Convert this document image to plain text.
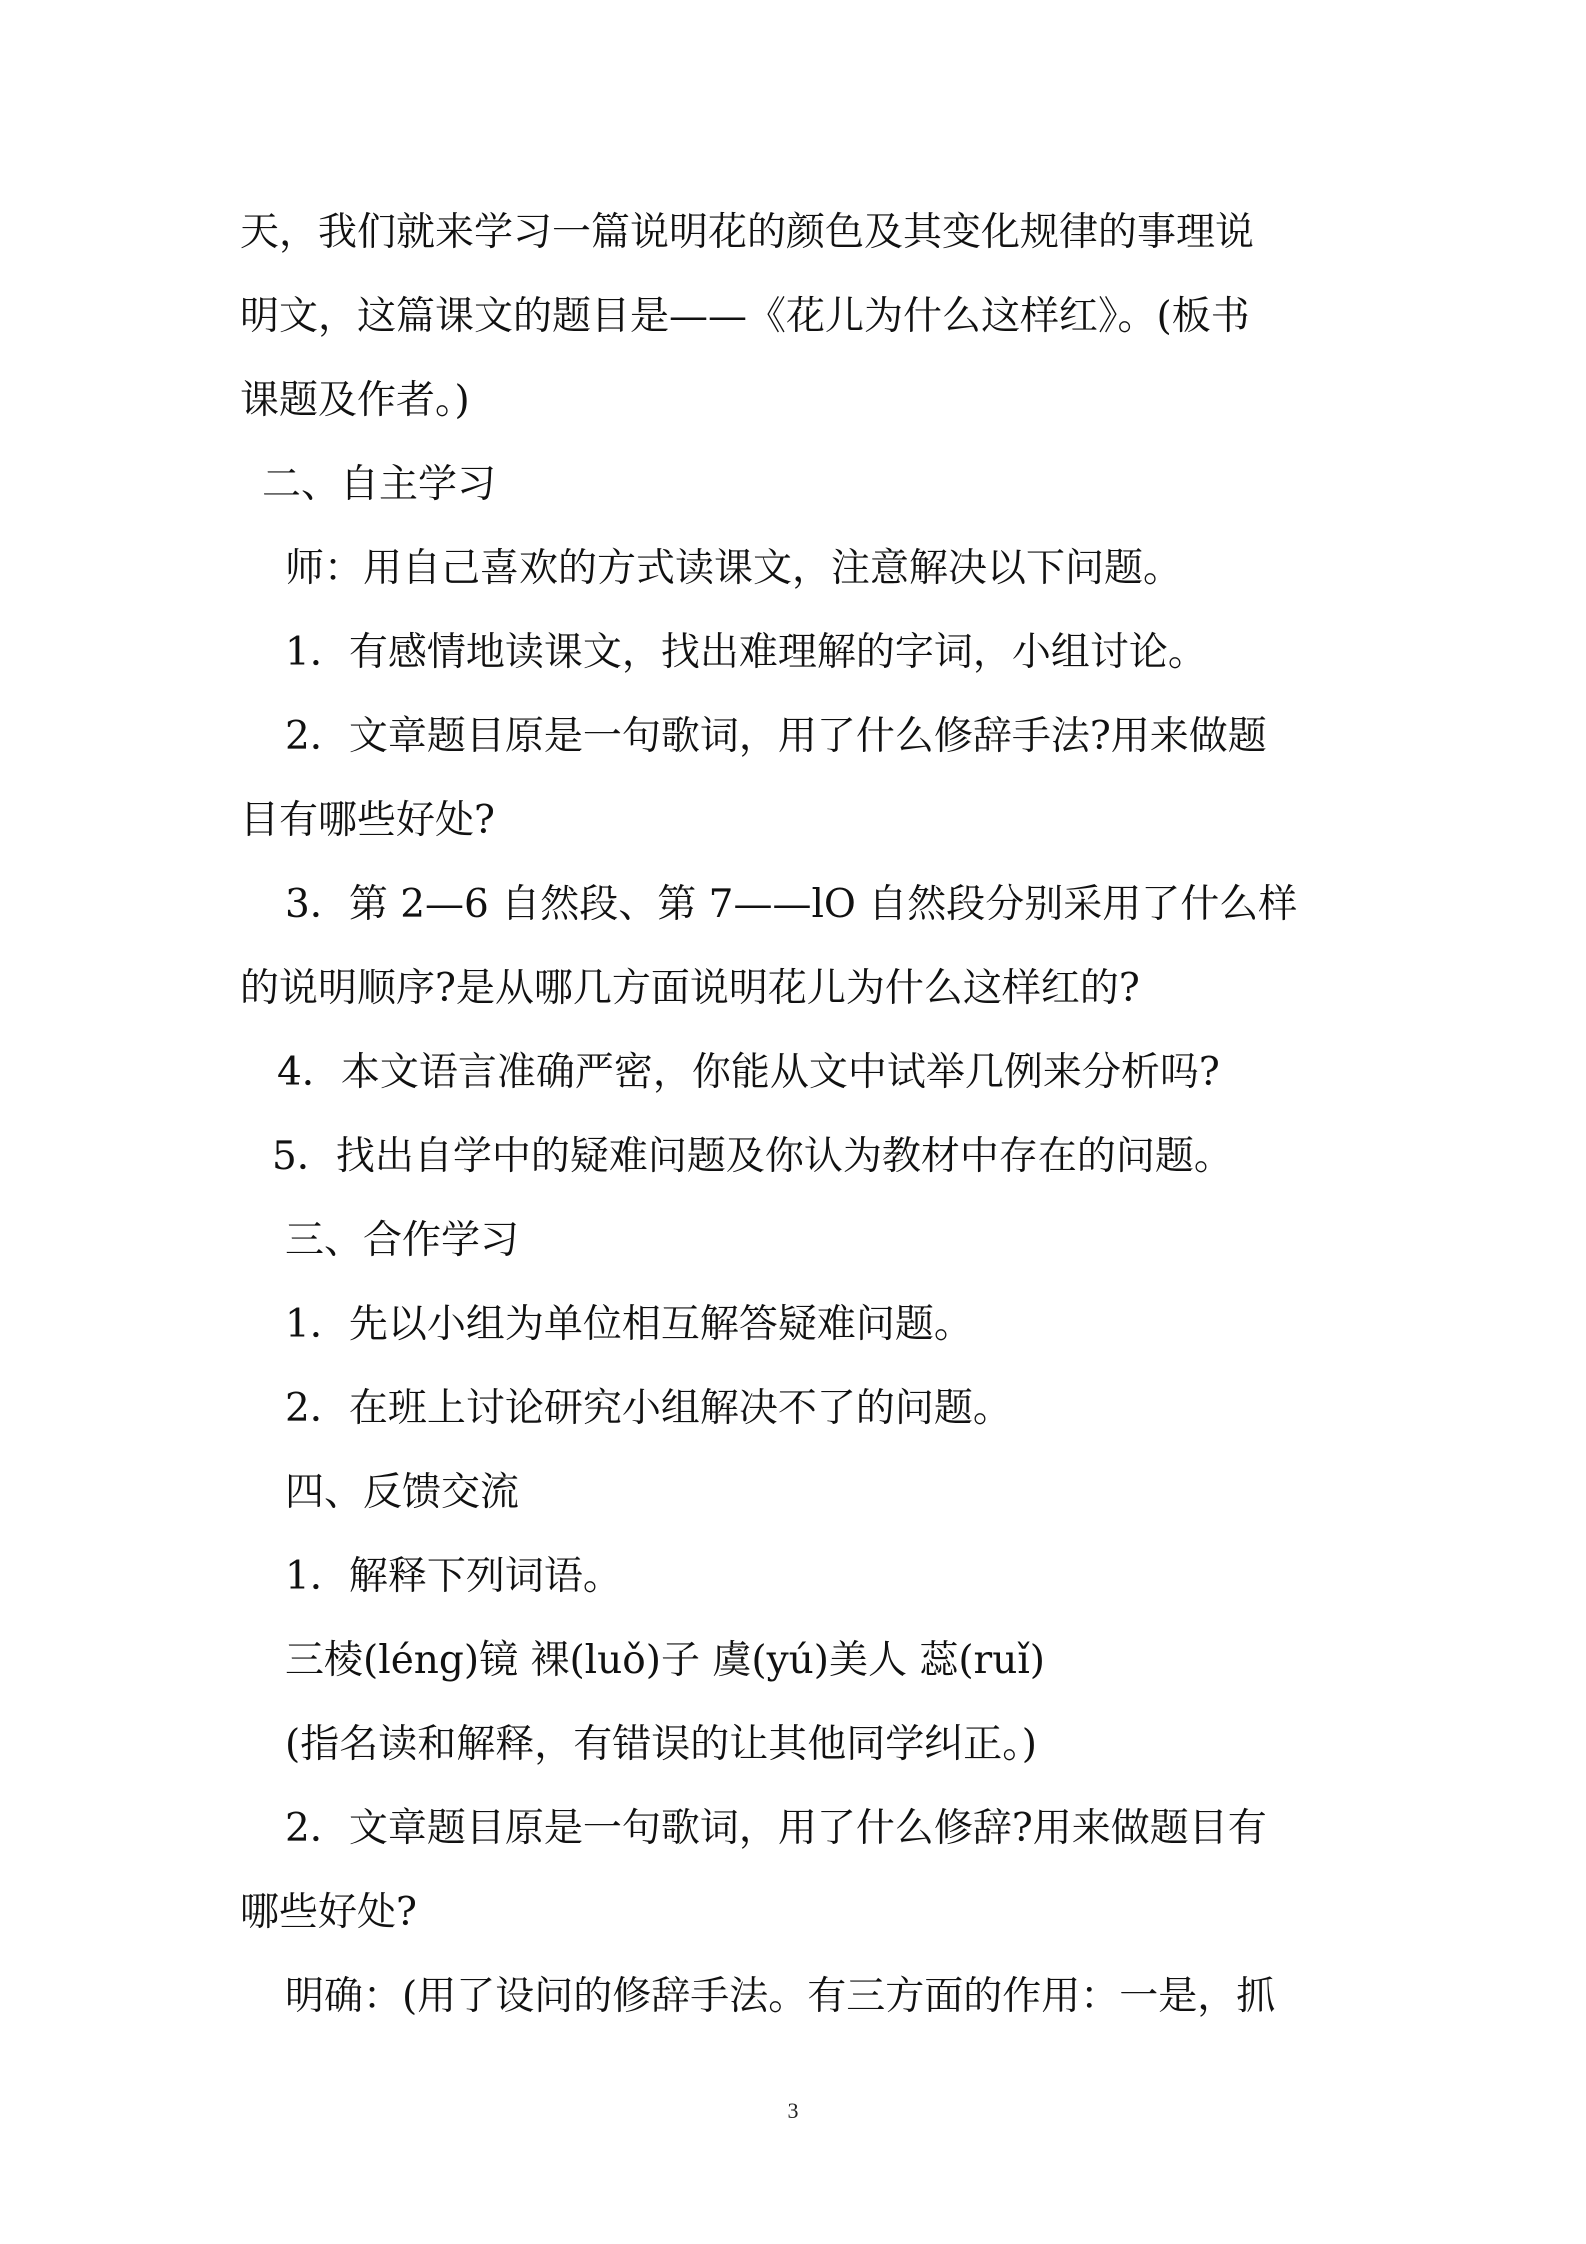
天，我们就来学习一篇说明花的颜色及其变化规律的事理说
明文，这篇课文的题目是——《花儿为什么这样红》。(板书
课题及作者。)
二、自主学习
师：用自己喜欢的方式读课文，注意解决以下问题。
1．有感情地读课文，找出难理解的字词，小组讨论。
2．文章题目原是一句歌词，用了什么修辞手法?用来做题
目有哪些好处?
3．第 2—6 自然段、第 7——lO 自然段分别采用了什么样
的说明顺序?是从哪几方面说明花儿为什么这样红的?
4．本文语言准确严密，你能从文中试举几例来分析吗?
5．找出自学中的疑难问题及你认为教材中存在的问题。
三、合作学习
1．先以小组为单位相互解答疑难问题。
2．在班上讨论研究小组解决不了的问题。
四、反馈交流
1．解释下列词语。
三棱(léng)镜 裸(luǒ)子 虞(yú)美人 蕊(ruǐ)
(指名读和解释，有错误的让其他同学纠正。)
2．文章题目原是一句歌词，用了什么修辞?用来做题目有
哪些好处?
明确：(用了设问的修辞手法。有三方面的作用：一是，抓
3
